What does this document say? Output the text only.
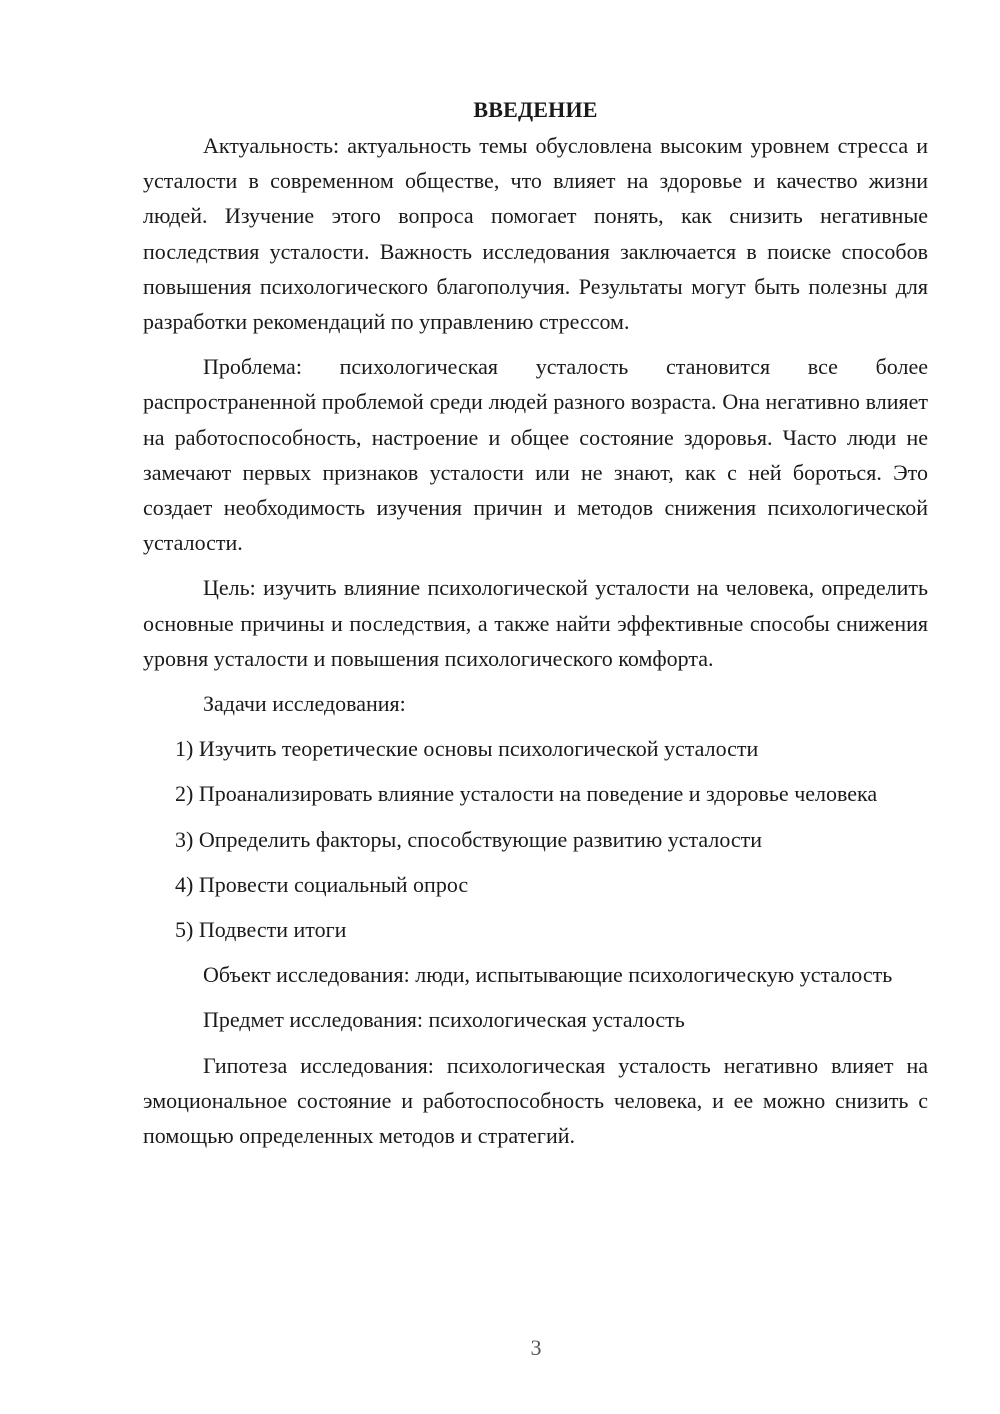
ВВЕДЕНИЕ

Актуальность: актуальность темы обусловлена высоким уровнем стресса и усталости в современном обществе, что влияет на здоровье и качество жизни людей. Изучение этого вопроса помогает понять, как снизить негативные последствия усталости. Важность исследования заключается в поиске способов повышения психологического благополучия. Результаты могут быть полезны для разработки рекомендаций по управлению стрессом.

Проблема: психологическая усталость становится все более распространенной проблемой среди людей разного возраста. Она негативно влияет на работоспособность, настроение и общее состояние здоровья. Часто люди не замечают первых признаков усталости или не знают, как с ней бороться. Это создает необходимость изучения причин и методов снижения психологической усталости.

Цель: изучить влияние психологической усталости на человека, определить основные причины и последствия, а также найти эффективные способы снижения уровня усталости и повышения психологического комфорта.

Задачи исследования:

1) Изучить теоретические основы психологической усталости

2) Проанализировать влияние усталости на поведение и здоровье человека

3) Определить факторы, способствующие развитию усталости

4) Провести социальный опрос

5) Подвести итоги

Объект исследования: люди, испытывающие психологическую усталость

Предмет исследования: психологическая усталость

Гипотеза исследования: психологическая усталость негативно влияет на эмоциональное состояние и работоспособность человека, и ее можно снизить с помощью определенных методов и стратегий.

3
